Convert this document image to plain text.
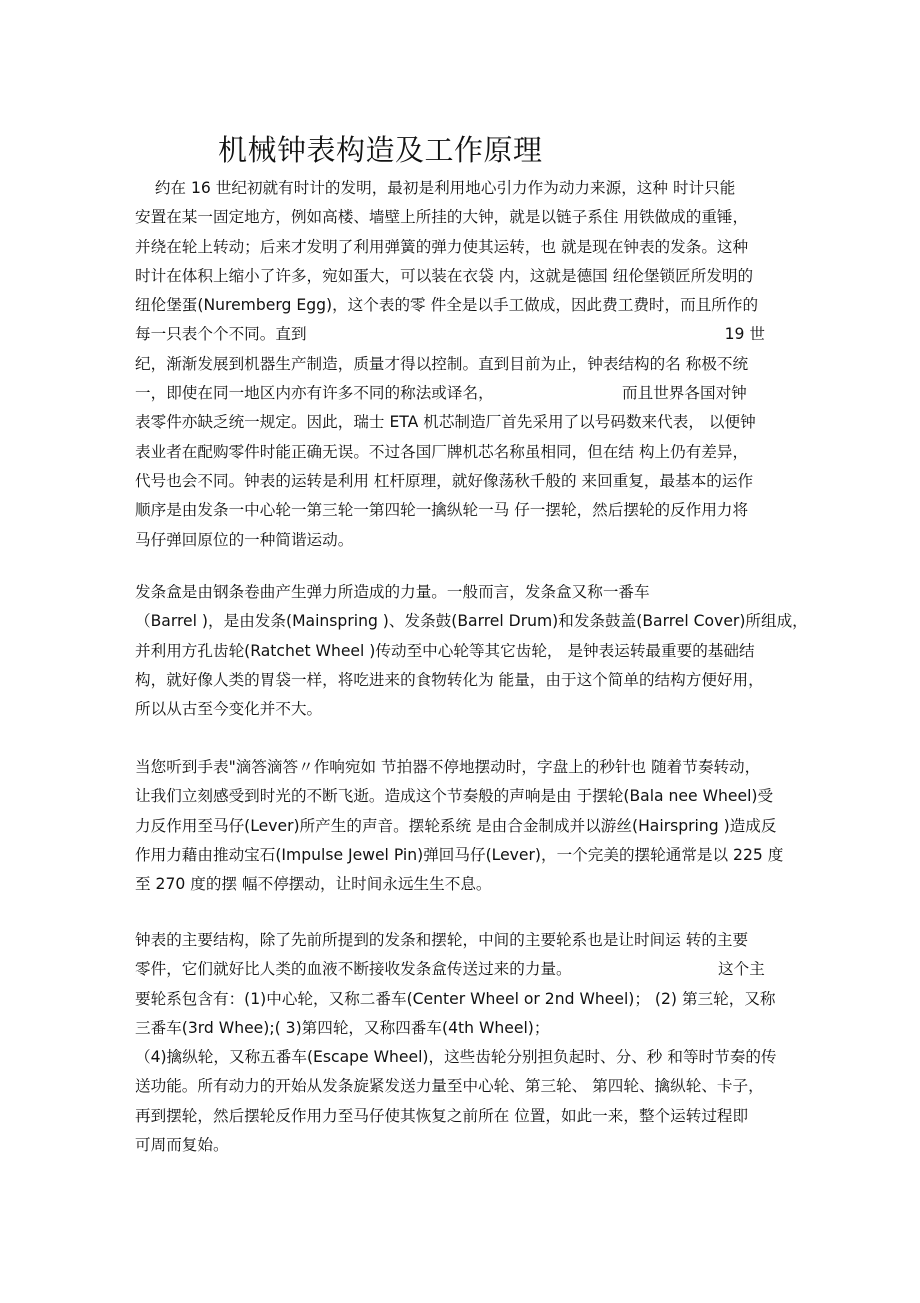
机械钟表构造及工作原理
约在 16 世纪初就有时计的发明，最初是利用地心引力作为动力来源，这种 时计只能
安置在某一固定地方，例如高楼、墙壁上所挂的大钟，就是以链子系住 用铁做成的重锤，
并绕在轮上转动；后来才发明了利用弹簧的弹力使其运转，也 就是现在钟表的发条。这种
时计在体积上缩小了许多，宛如蛋大，可以装在衣袋 内，这就是德国 纽伦堡锁匠所发明的
纽伦堡蛋(Nuremberg Egg)，这个表的零 件全是以手工做成，因此费工费时，而且所作的
每一只表个个不同。直到	19 世
纪，渐渐发展到机器生产制造，质量才得以控制。直到目前为止，钟表结构的名 称极不统
一，即使在同一地区内亦有许多不同的称法或译名，	而且世界各国对钟
表零件亦缺乏统一规定。因此，瑞士 ETA 机芯制造厂首先采用了以号码数来代表， 以便钟
表业者在配购零件时能正确无误。不过各国厂牌机芯名称虽相同，但在结 构上仍有差异，
代号也会不同。钟表的运转是利用 杠杆原理，就好像荡秋千般的 来回重复，最基本的运作
顺序是由发条一中心轮一第三轮一第四轮一擒纵轮一马 仔一摆轮，然后摆轮的反作用力将
马仔弹回原位的一种简谐运动。
发条盒是由钢条卷曲产生弹力所造成的力量。一般而言，发条盒又称一番车
（Barrel )，是由发条(Mainspring )、发条鼓(Barrel Drum)和发条鼓盖(Barrel Cover)所组成，
并利用方孔齿轮(Ratchet Wheel )传动至中心轮等其它齿轮， 是钟表运转最重要的基础结
构，就好像人类的胃袋一样，将吃进来的食物转化为 能量，由于这个简单的结构方便好用，
所以从古至今变化并不大。
当您听到手表"滴答滴答〃作响宛如 节拍器不停地摆动时，字盘上的秒针也 随着节奏转动，
让我们立刻感受到时光的不断飞逝。造成这个节奏般的声响是由 于摆轮(Bala nee Wheel)受
力反作用至马仔(Lever)所产生的声音。摆轮系统 是由合金制成并以游丝(Hairspring )造成反
作用力藉由推动宝石(Impulse Jewel Pin)弹回马仔(Lever)，一个完美的摆轮通常是以 225 度
至 270 度的摆 幅不停摆动，让时间永远生生不息。
钟表的主要结构，除了先前所提到的发条和摆轮，中间的主要轮系也是让时间运 转的主要
零件，它们就好比人类的血液不断接收发条盒传送过来的力量。	这个主
要轮系包含有：(1)中心轮，又称二番车(Center Wheel or 2nd Wheel)； (2) 第三轮，又称
三番车(3rd Whee);( 3)第四轮，又称四番车(4th Wheel)；
（4)擒纵轮，又称五番车(Escape Wheel)，这些齿轮分别担负起时、分、秒 和等时节奏的传
送功能。所有动力的开始从发条旋紧发送力量至中心轮、第三轮、 第四轮、擒纵轮、卡子，
再到摆轮，然后摆轮反作用力至马仔使其恢复之前所在 位置，如此一来，整个运转过程即
可周而复始。
